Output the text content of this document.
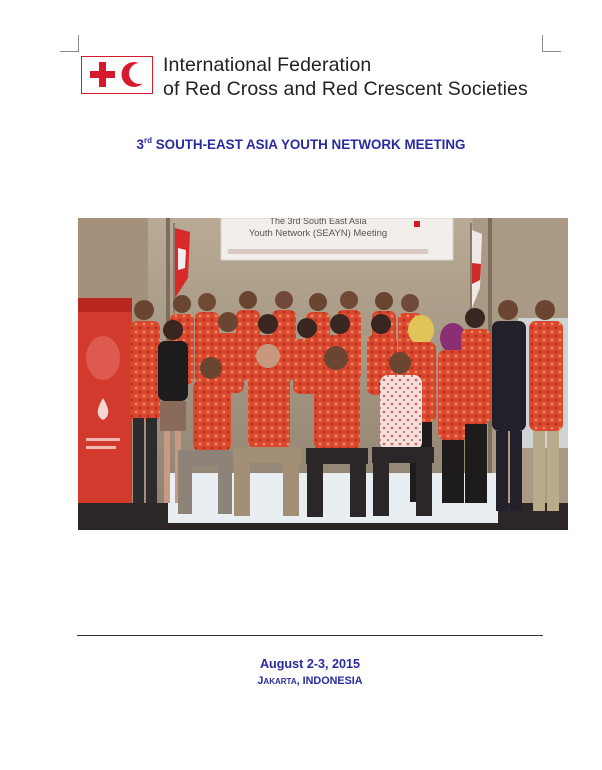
International Federation
of Red Cross and Red Crescent Societies
3rd SOUTH-EAST ASIA YOUTH NETWORK MEETING
The 3rd South East Asia
Youth Network (SEAYN) Meeting
August 2-3, 2015
Jakarta, INDONESIA
